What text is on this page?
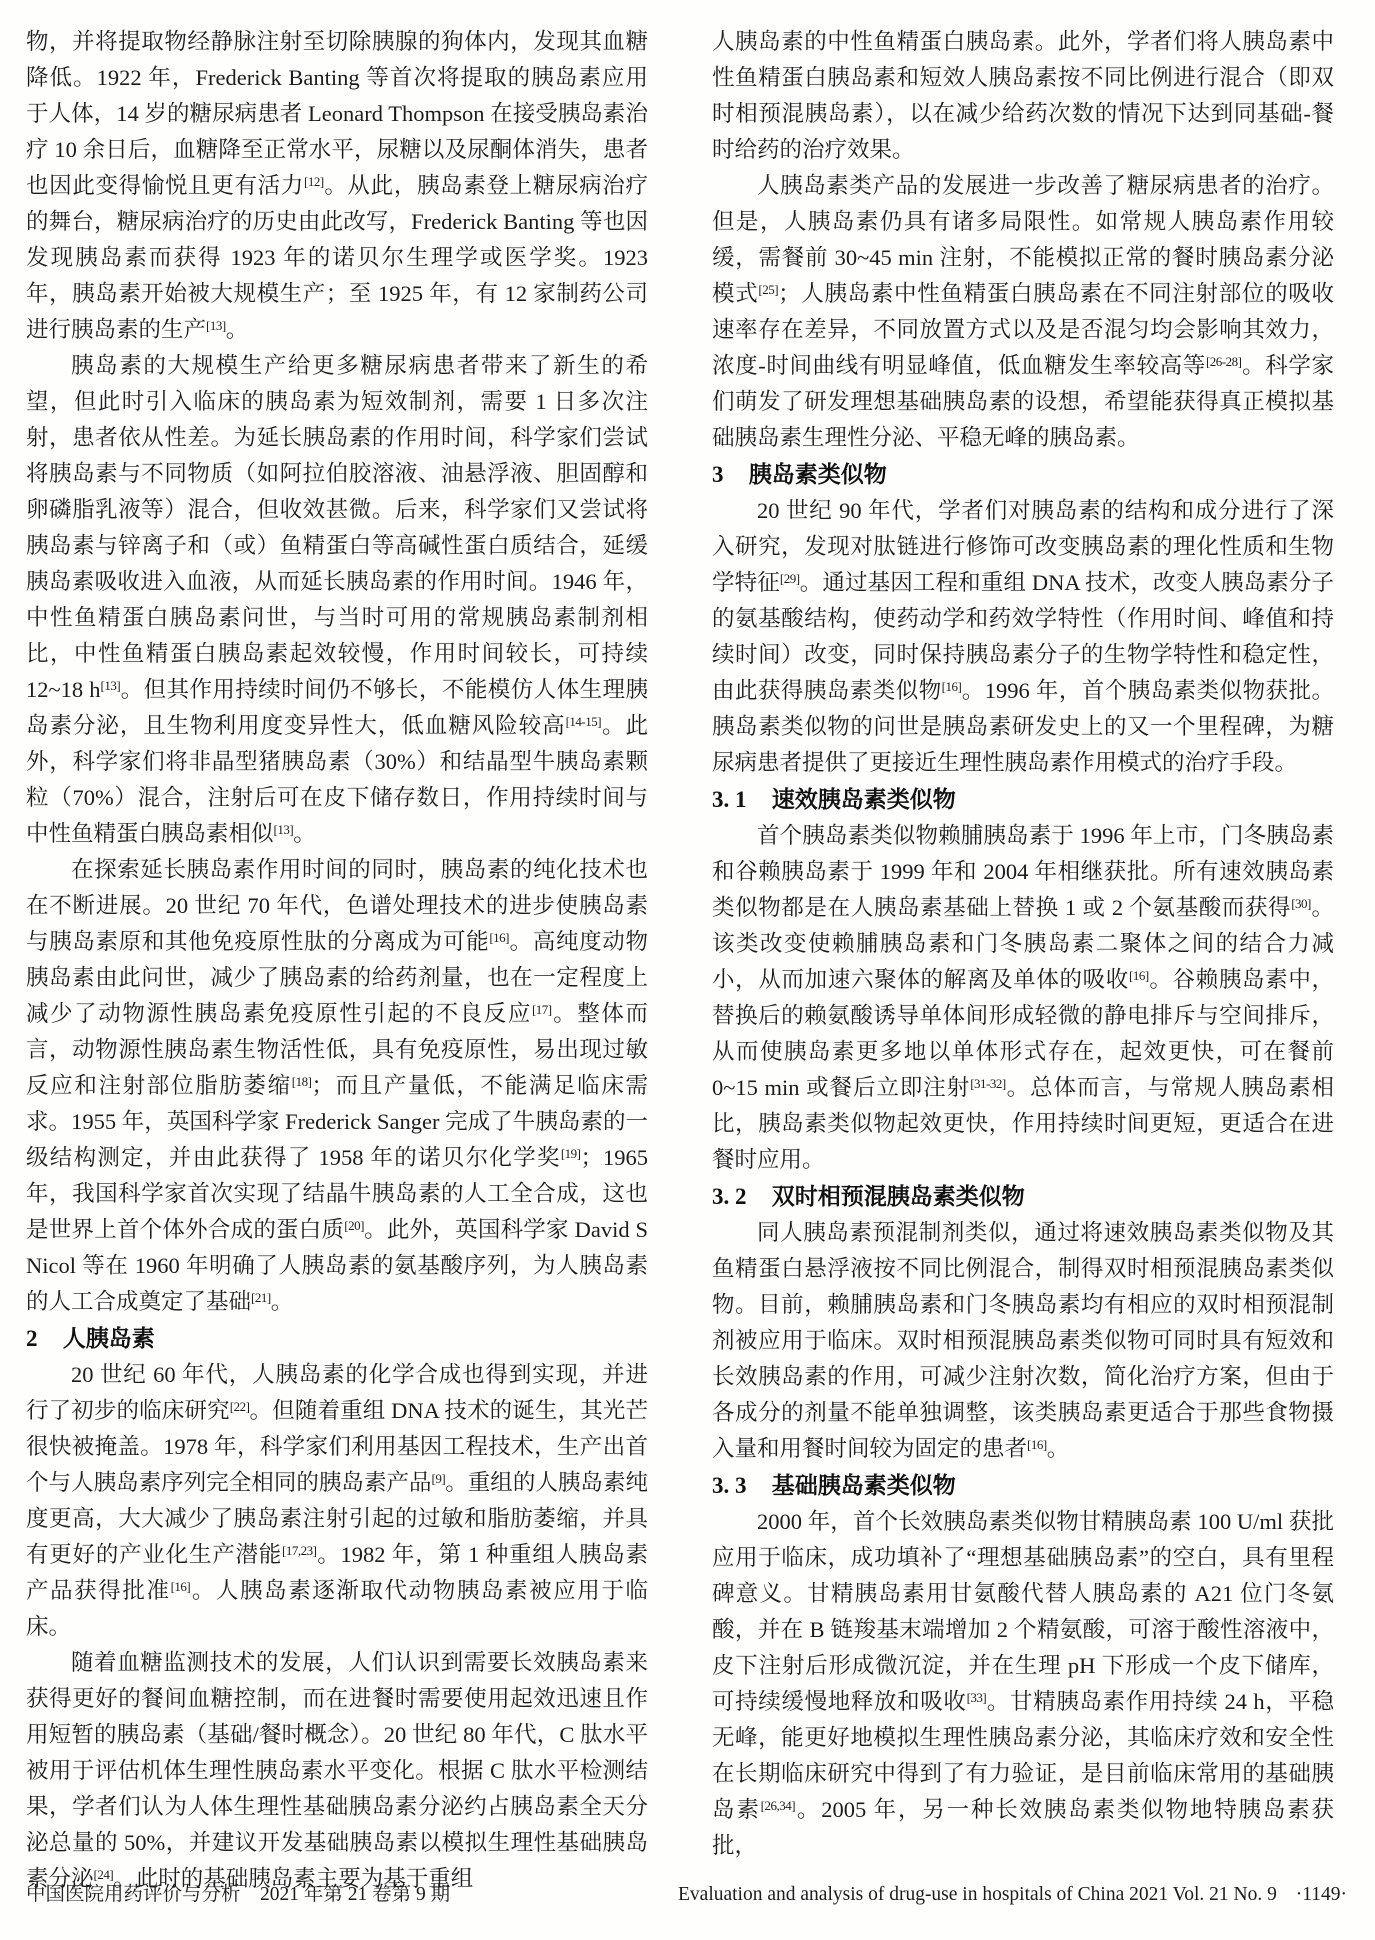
物，并将提取物经静脉注射至切除胰腺的狗体内，发现其血糖降低。1922 年，Frederick Banting 等首次将提取的胰岛素应用于人体，14 岁的糖尿病患者 Leonard Thompson 在接受胰岛素治疗 10 余日后，血糖降至正常水平，尿糖以及尿酮体消失，患者也因此变得愉悦且更有活力[12]。从此，胰岛素登上糖尿病治疗的舞台，糖尿病治疗的历史由此改写，Frederick Banting 等也因发现胰岛素而获得 1923 年的诺贝尔生理学或医学奖。1923 年，胰岛素开始被大规模生产；至 1925 年，有 12 家制药公司进行胰岛素的生产[13]。

胰岛素的大规模生产给更多糖尿病患者带来了新生的希望，但此时引入临床的胰岛素为短效制剂，需要 1 日多次注射，患者依从性差。为延长胰岛素的作用时间，科学家们尝试将胰岛素与不同物质（如阿拉伯胶溶液、油悬浮液、胆固醇和卵磷脂乳液等）混合，但收效甚微。后来，科学家们又尝试将胰岛素与锌离子和（或）鱼精蛋白等高碱性蛋白质结合，延缓胰岛素吸收进入血液，从而延长胰岛素的作用时间。1946 年，中性鱼精蛋白胰岛素问世，与当时可用的常规胰岛素制剂相比，中性鱼精蛋白胰岛素起效较慢，作用时间较长，可持续 12~18 h[13]。但其作用持续时间仍不够长，不能模仿人体生理胰岛素分泌，且生物利用度变异性大，低血糖风险较高[14-15]。此外，科学家们将非晶型猪胰岛素（30%）和结晶型牛胰岛素颗粒（70%）混合，注射后可在皮下储存数日，作用持续时间与中性鱼精蛋白胰岛素相似[13]。

在探索延长胰岛素作用时间的同时，胰岛素的纯化技术也在不断进展。20 世纪 70 年代，色谱处理技术的进步使胰岛素与胰岛素原和其他免疫原性肽的分离成为可能[16]。高纯度动物胰岛素由此问世，减少了胰岛素的给药剂量，也在一定程度上减少了动物源性胰岛素免疫原性引起的不良反应[17]。整体而言，动物源性胰岛素生物活性低，具有免疫原性，易出现过敏反应和注射部位脂肪萎缩[18]；而且产量低，不能满足临床需求。1955 年，英国科学家 Frederick Sanger 完成了牛胰岛素的一级结构测定，并由此获得了 1958 年的诺贝尔化学奖[19]；1965 年，我国科学家首次实现了结晶牛胰岛素的人工全合成，这也是世界上首个体外合成的蛋白质[20]。此外，英国科学家 David S Nicol 等在 1960 年明确了人胰岛素的氨基酸序列，为人胰岛素的人工合成奠定了基础[21]。

2 人胰岛素

20 世纪 60 年代，人胰岛素的化学合成也得到实现，并进行了初步的临床研究[22]。但随着重组 DNA 技术的诞生，其光芒很快被掩盖。1978 年，科学家们利用基因工程技术，生产出首个与人胰岛素序列完全相同的胰岛素产品[9]。重组的人胰岛素纯度更高，大大减少了胰岛素注射引起的过敏和脂肪萎缩，并具有更好的产业化生产潜能[17,23]。1982 年，第 1 种重组人胰岛素产品获得批准[16]。人胰岛素逐渐取代动物胰岛素被应用于临床。

随着血糖监测技术的发展，人们认识到需要长效胰岛素来获得更好的餐间血糖控制，而在进餐时需要使用起效迅速且作用短暂的胰岛素（基础/餐时概念）。20 世纪 80 年代，C 肽水平被用于评估机体生理性胰岛素水平变化。根据 C 肽水平检测结果，学者们认为人体生理性基础胰岛素分泌约占胰岛素全天分泌总量的 50%，并建议开发基础胰岛素以模拟生理性基础胰岛素分泌[24]。此时的基础胰岛素主要为基于重组

人胰岛素的中性鱼精蛋白胰岛素。此外，学者们将人胰岛素中性鱼精蛋白胰岛素和短效人胰岛素按不同比例进行混合（即双时相预混胰岛素），以在减少给药次数的情况下达到同基础-餐时给药的治疗效果。

人胰岛素类产品的发展进一步改善了糖尿病患者的治疗。但是，人胰岛素仍具有诸多局限性。如常规人胰岛素作用较缓，需餐前 30~45 min 注射，不能模拟正常的餐时胰岛素分泌模式[25]；人胰岛素中性鱼精蛋白胰岛素在不同注射部位的吸收速率存在差异，不同放置方式以及是否混匀均会影响其效力，浓度-时间曲线有明显峰值，低血糖发生率较高等[26-28]。科学家们萌发了研发理想基础胰岛素的设想，希望能获得真正模拟基础胰岛素生理性分泌、平稳无峰的胰岛素。

3 胰岛素类似物

20 世纪 90 年代，学者们对胰岛素的结构和成分进行了深入研究，发现对肽链进行修饰可改变胰岛素的理化性质和生物学特征[29]。通过基因工程和重组 DNA 技术，改变人胰岛素分子的氨基酸结构，使药动学和药效学特性（作用时间、峰值和持续时间）改变，同时保持胰岛素分子的生物学特性和稳定性，由此获得胰岛素类似物[16]。1996 年，首个胰岛素类似物获批。胰岛素类似物的问世是胰岛素研发史上的又一个里程碑，为糖尿病患者提供了更接近生理性胰岛素作用模式的治疗手段。

3. 1 速效胰岛素类似物

首个胰岛素类似物赖脯胰岛素于 1996 年上市，门冬胰岛素和谷赖胰岛素于 1999 年和 2004 年相继获批。所有速效胰岛素类似物都是在人胰岛素基础上替换 1 或 2 个氨基酸而获得[30]。该类改变使赖脯胰岛素和门冬胰岛素二聚体之间的结合力减小，从而加速六聚体的解离及单体的吸收[16]。谷赖胰岛素中，替换后的赖氨酸诱导单体间形成轻微的静电排斥与空间排斥，从而使胰岛素更多地以单体形式存在，起效更快，可在餐前 0~15 min 或餐后立即注射[31-32]。总体而言，与常规人胰岛素相比，胰岛素类似物起效更快，作用持续时间更短，更适合在进餐时应用。

3. 2 双时相预混胰岛素类似物

同人胰岛素预混制剂类似，通过将速效胰岛素类似物及其鱼精蛋白悬浮液按不同比例混合，制得双时相预混胰岛素类似物。目前，赖脯胰岛素和门冬胰岛素均有相应的双时相预混制剂被应用于临床。双时相预混胰岛素类似物可同时具有短效和长效胰岛素的作用，可减少注射次数，简化治疗方案，但由于各成分的剂量不能单独调整，该类胰岛素更适合于那些食物摄入量和用餐时间较为固定的患者[16]。

3. 3 基础胰岛素类似物

2000 年，首个长效胰岛素类似物甘精胰岛素 100 U/ml 获批应用于临床，成功填补了“理想基础胰岛素”的空白，具有里程碑意义。甘精胰岛素用甘氨酸代替人胰岛素的 A21 位门冬氨酸，并在 B 链羧基末端增加 2 个精氨酸，可溶于酸性溶液中，皮下注射后形成微沉淀，并在生理 pH 下形成一个皮下储库，可持续缓慢地释放和吸收[33]。甘精胰岛素作用持续 24 h，平稳无峰，能更好地模拟生理性胰岛素分泌，其临床疗效和安全性在长期临床研究中得到了有力验证，是目前临床常用的基础胰岛素[26,34]。2005 年，另一种长效胰岛素类似物地特胰岛素获批，

中国医院用药评价与分析　2021 年第 21 卷第 9 期	Evaluation and analysis of drug-use in hospitals of China 2021 Vol. 21 No. 9 ·1149·
